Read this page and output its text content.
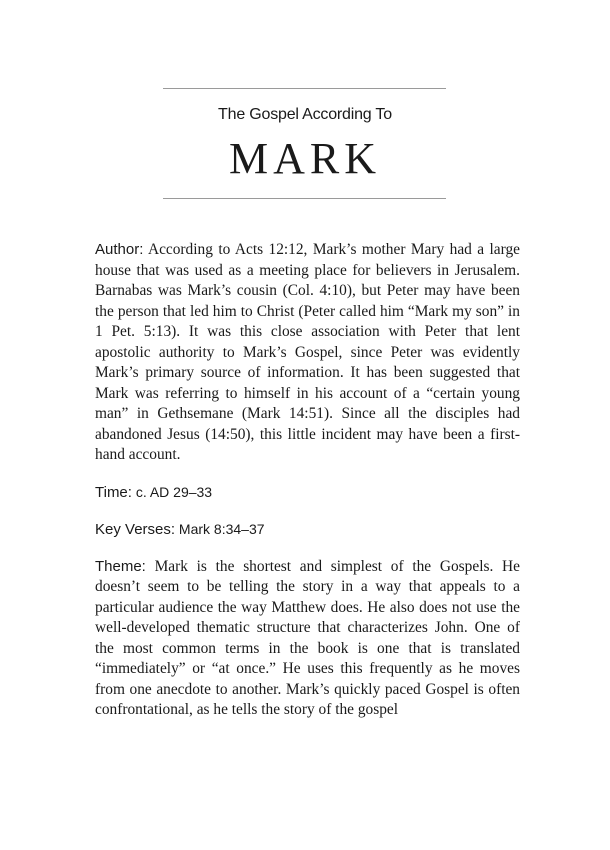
The Gospel According To
MARK

Author: According to Acts 12:12, Mark’s mother Mary had a large house that was used as a meeting place for believers in Jerusalem. Barnabas was Mark’s cousin (Col. 4:10), but Peter may have been the person that led him to Christ (Peter called him “Mark my son” in 1 Pet. 5:13). It was this close association with Peter that lent apostolic authority to Mark’s Gospel, since Peter was evidently Mark’s primary source of information. It has been suggested that Mark was referring to himself in his account of a “certain young man” in Gethsemane (Mark 14:51). Since all the disciples had abandoned Jesus (14:50), this little incident may have been a first-hand account.

Time: c. AD 29–33

Key Verses: Mark 8:34–37

Theme: Mark is the shortest and simplest of the Gospels. He doesn’t seem to be telling the story in a way that appeals to a particular audience the way Matthew does. He also does not use the well-developed thematic structure that characterizes John. One of the most common terms in the book is one that is translated “immediately” or “at once.” He uses this frequently as he moves from one anecdote to another. Mark’s quickly paced Gospel is often confrontational, as he tells the story of the gospel
